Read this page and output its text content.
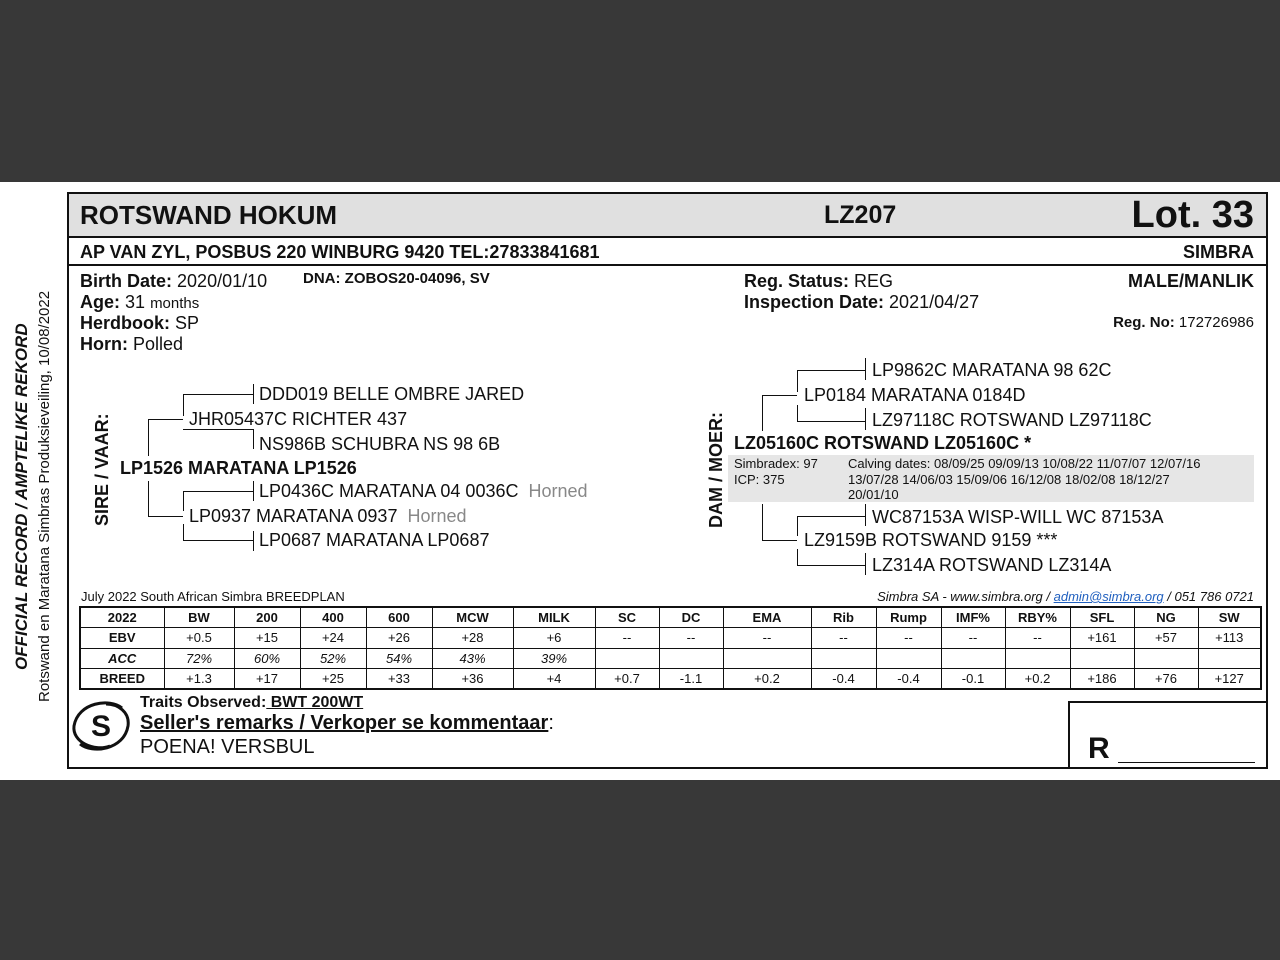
OFFICIAL RECORD / AMPTELIKE REKORD Rotswand en Maratana Simbras Produksieveiling, 10/08/2022
ROTSWAND HOKUM	LZ207	Lot. 33
AP VAN ZYL, POSBUS 220 WINBURG 9420 TEL:27833841681	SIMBRA
Birth Date: 2020/01/10 DNA: ZOBOS20-04096, SV
Age: 31 months
Herdbook: SP
Horn: Polled
Reg. Status: REG
Inspection Date: 2021/04/27
MALE/MANLIK
Reg. No: 172726986
SIRE / VAAR: LP1526 MARATANA LP1526
JHR05437C RICHTER 437
DDD019 BELLE OMBRE JARED
NS986B SCHUBRA NS 98 6B
LP0937 MARATANA 0937 Horned
LP0436C MARATANA 04 0036C Horned
LP0687 MARATANA LP0687
DAM / MOER:
LP0184 MARATANA 0184D
LP9862C MARATANA 98 62C
LZ97118C ROTSWAND LZ97118C
LZ05160C ROTSWAND LZ05160C *
Simbradex: 97
ICP: 375
Calving dates: 08/09/25 09/09/13 10/08/22 11/07/07 12/07/16
13/07/28 14/06/03 15/09/06 16/12/08 18/02/08 18/12/27
20/01/10
LZ9159B ROTSWAND 9159 ***
WC87153A WISP-WILL WC 87153A
LZ314A ROTSWAND LZ314A
July 2022 South African Simbra BREEDPLAN	Simbra SA - www.simbra.org / admin@simbra.org / 051 786 0721
2022	BW	200	400	600	MCW	MILK	SC	DC	EMA	Rib	Rump	IMF%	RBY%	SFL	NG	SW
EBV	+0.5	+15	+24	+26	+28	+6	--	--	--	--	--	--	--	+161	+57	+113
ACC	72%	60%	52%	54%	43%	39%										
BREED	+1.3	+17	+25	+33	+36	+4	+0.7	-1.1	+0.2	-0.4	-0.4	-0.1	+0.2	+186	+76	+127
S
Traits Observed: BWT 200WT
Seller's remarks / Verkoper se kommentaar:
POENA! VERSBUL	R
